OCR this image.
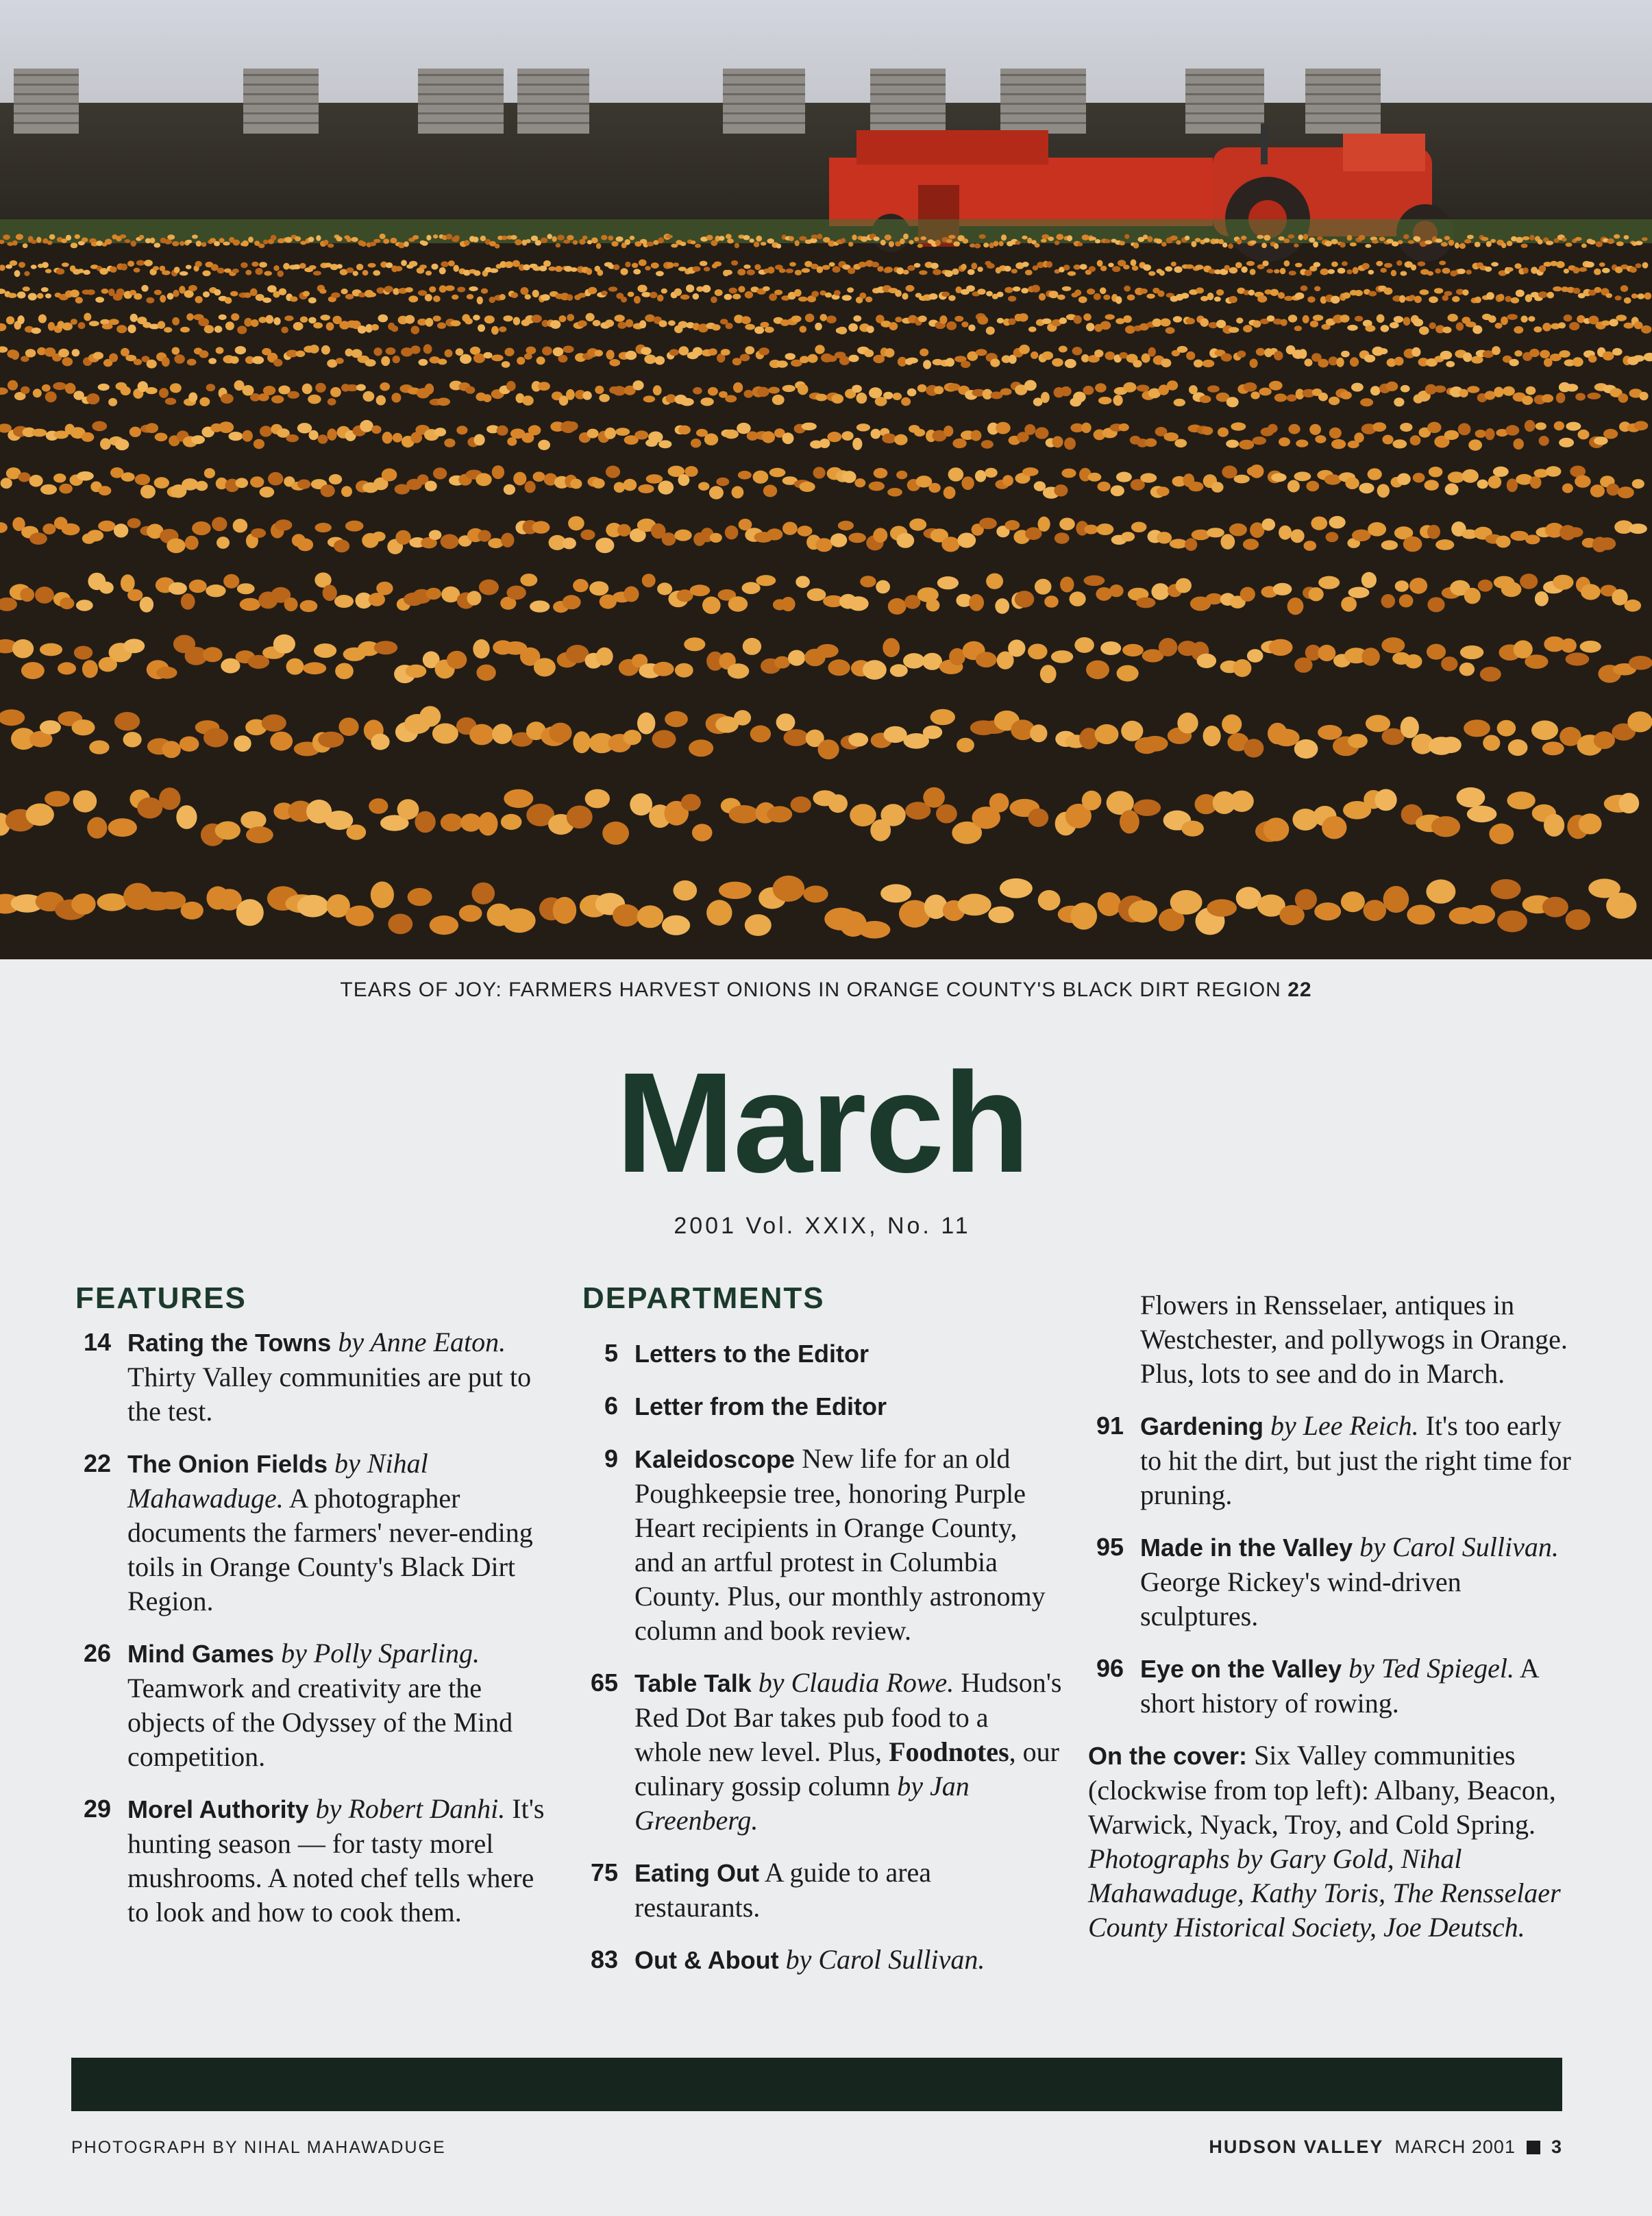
TEARS OF JOY: FARMERS HARVEST ONIONS IN ORANGE COUNTY'S BLACK DIRT REGION 22
March
2001 Vol. XXIX, No. 11
FEATURES
14 Rating the Towns by Anne Eaton. Thirty Valley communities are put to the test.
22 The Onion Fields by Nihal Mahawaduge. A photographer documents the farmers' never-ending toils in Orange County's Black Dirt Region.
26 Mind Games by Polly Sparling. Teamwork and creativity are the objects of the Odyssey of the Mind competition.
29 Morel Authority by Robert Danhi. It's hunting season — for tasty morel mushrooms. A noted chef tells where to look and how to cook them.
DEPARTMENTS
5 Letters to the Editor
6 Letter from the Editor
9 Kaleidoscope New life for an old Poughkeepsie tree, honoring Purple Heart recipients in Orange County, and an artful protest in Columbia County. Plus, our monthly astronomy column and book review.
65 Table Talk by Claudia Rowe. Hudson's Red Dot Bar takes pub food to a whole new level. Plus, Foodnotes, our culinary gossip column by Jan Greenberg.
75 Eating Out A guide to area restaurants.
83 Out & About by Carol Sullivan.
Flowers in Rensselaer, antiques in Westchester, and pollywogs in Orange. Plus, lots to see and do in March.
91 Gardening by Lee Reich. It's too early to hit the dirt, but just the right time for pruning.
95 Made in the Valley by Carol Sullivan. George Rickey's wind-driven sculptures.
96 Eye on the Valley by Ted Spiegel. A short history of rowing.
On the cover: Six Valley communities (clockwise from top left): Albany, Beacon, Warwick, Nyack, Troy, and Cold Spring. Photographs by Gary Gold, Nihal Mahawaduge, Kathy Toris, The Rensselaer County Historical Society, Joe Deutsch.
PHOTOGRAPH BY NIHAL MAHAWADUGE	HUDSON VALLEY MARCH 2001 3
